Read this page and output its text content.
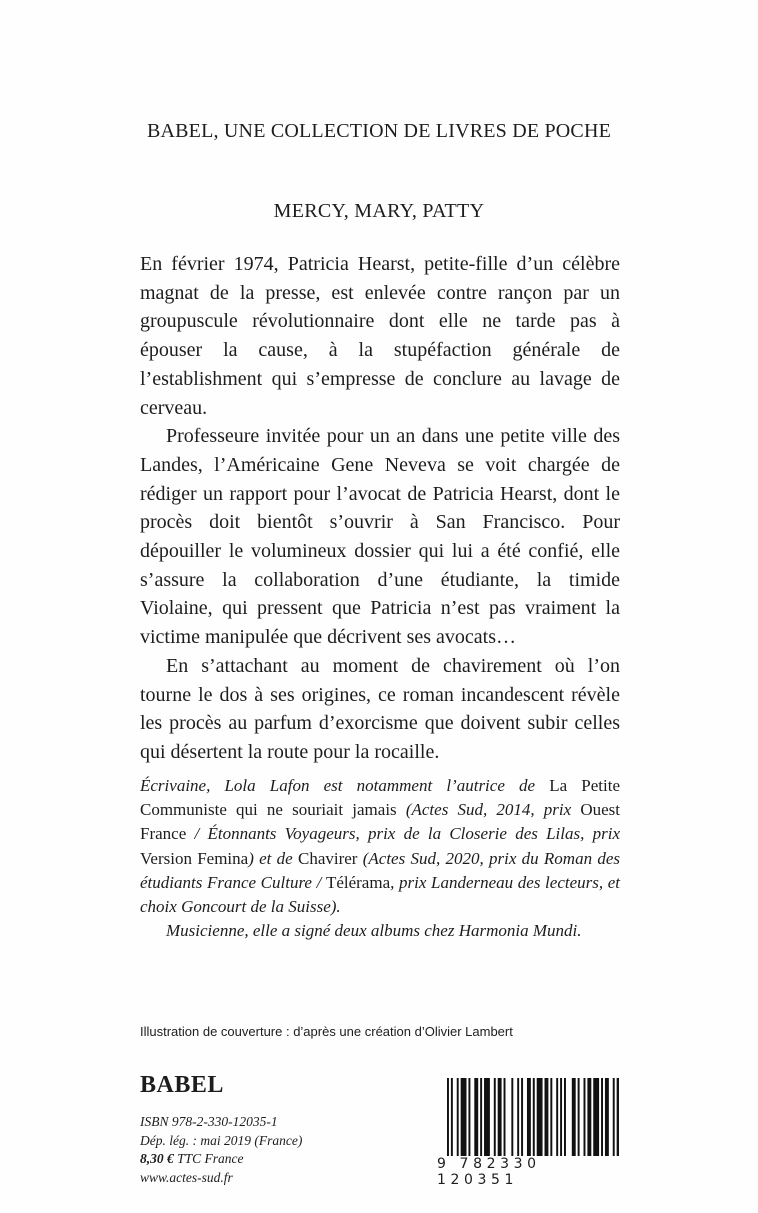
BABEL, UNE COLLECTION DE LIVRES DE POCHE
MERCY, MARY, PATTY

En février 1974, Patricia Hearst, petite-fille d’un célèbre magnat de la presse, est enlevée contre rançon par un groupuscule révolutionnaire dont elle ne tarde pas à épouser la cause, à la stupéfaction générale de l’establishment qui s’empresse de conclure au lavage de cerveau.

Professeure invitée pour un an dans une petite ville des Landes, l’Américaine Gene Neveva se voit chargée de rédiger un rapport pour l’avocat de Patricia Hearst, dont le procès doit bientôt s’ouvrir à San Francisco. Pour dépouiller le volumineux dossier qui lui a été confié, elle s’assure la collaboration d’une étudiante, la timide Violaine, qui pressent que Patricia n’est pas vraiment la victime manipulée que décrivent ses avocats…

En s’attachant au moment de chavirement où l’on tourne le dos à ses origines, ce roman incandescent révèle les procès au parfum d’exorcisme que doivent subir celles qui désertent la route pour la rocaille.

Écrivaine, Lola Lafon est notamment l’autrice de La Petite Communiste qui ne souriait jamais (Actes Sud, 2014, prix Ouest France / Étonnants Voyageurs, prix de la Closerie des Lilas, prix Version Femina) et de Chavirer (Actes Sud, 2020, prix du Roman des étudiants France Culture / Télérama, prix Landerneau des lecteurs, et choix Goncourt de la Suisse).

Musicienne, elle a signé deux albums chez Harmonia Mundi.

Illustration de couverture : d’après une création d’Olivier Lambert
BABEL
ISBN 978-2-330-12035-1
Dép. lég. : mai 2019 (France)
8,30 € TTC France
www.actes-sud.fr
9 782330 120351
